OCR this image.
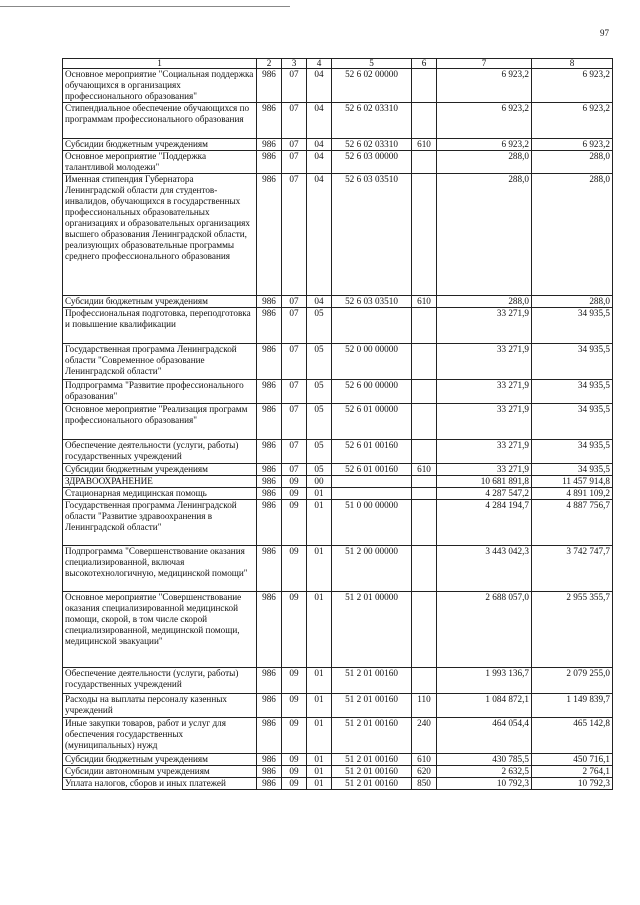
97
1	2	3	4	5	6	7	8
Основное мероприятие "Социальная поддержка обучающихся в организациях профессионального образования"	986	07	04	52 6 02 00000		6 923,2	6 923,2
Стипендиальное обеспечение обучающихся по программам профессионального образования	986	07	04	52 6 02 03310		6 923,2	6 923,2
Субсидии бюджетным учреждениям	986	07	04	52 6 02 03310	610	6 923,2	6 923,2
Основное мероприятие "Поддержка талантливой молодежи"	986	07	04	52 6 03 00000		288,0	288,0
Именная стипендия Губернатора Ленинградской области для студентов-инвалидов, обучающихся в государственных профессиональных образовательных организациях и образовательных организациях высшего образования Ленинградской области, реализующих образовательные программы среднего профессионального образования	986	07	04	52 6 03 03510		288,0	288,0
Субсидии бюджетным учреждениям	986	07	04	52 6 03 03510	610	288,0	288,0
Профессиональная подготовка, переподготовка и повышение квалификации	986	07	05			33 271,9	34 935,5
Государственная программа Ленинградской области "Современное образование Ленинградской области"	986	07	05	52 0 00 00000		33 271,9	34 935,5
Подпрограмма "Развитие профессионального образования"	986	07	05	52 6 00 00000		33 271,9	34 935,5
Основное мероприятие "Реализация программ профессионального образования"	986	07	05	52 6 01 00000		33 271,9	34 935,5
Обеспечение деятельности (услуги, работы) государственных учреждений	986	07	05	52 6 01 00160		33 271,9	34 935,5
Субсидии бюджетным учреждениям	986	07	05	52 6 01 00160	610	33 271,9	34 935,5
ЗДРАВООХРАНЕНИЕ	986	09	00			10 681 891,8	11 457 914,8
Стационарная медицинская помощь	986	09	01			4 287 547,2	4 891 109,2
Государственная программа Ленинградской области "Развитие здравоохранения в Ленинградской области"	986	09	01	51 0 00 00000		4 284 194,7	4 887 756,7
Подпрограмма "Совершенствование оказания специализированной, включая высокотехнологичную, медицинской помощи"	986	09	01	51 2 00 00000		3 443 042,3	3 742 747,7
Основное мероприятие "Совершенствование оказания специализированной медицинской помощи, скорой, в том числе скорой специализированной, медицинской помощи, медицинской эвакуации"	986	09	01	51 2 01 00000		2 688 057,0	2 955 355,7
Обеспечение деятельности (услуги, работы) государственных учреждений	986	09	01	51 2 01 00160		1 993 136,7	2 079 255,0
Расходы на выплаты персоналу казенных учреждений	986	09	01	51 2 01 00160	110	1 084 872,1	1 149 839,7
Иные закупки товаров, работ и услуг для обеспечения государственных (муниципальных) нужд	986	09	01	51 2 01 00160	240	464 054,4	465 142,8
Субсидии бюджетным учреждениям	986	09	01	51 2 01 00160	610	430 785,5	450 716,1
Субсидии автономным учреждениям	986	09	01	51 2 01 00160	620	2 632,5	2 764,1
Уплата налогов, сборов и иных платежей	986	09	01	51 2 01 00160	850	10 792,3	10 792,3
